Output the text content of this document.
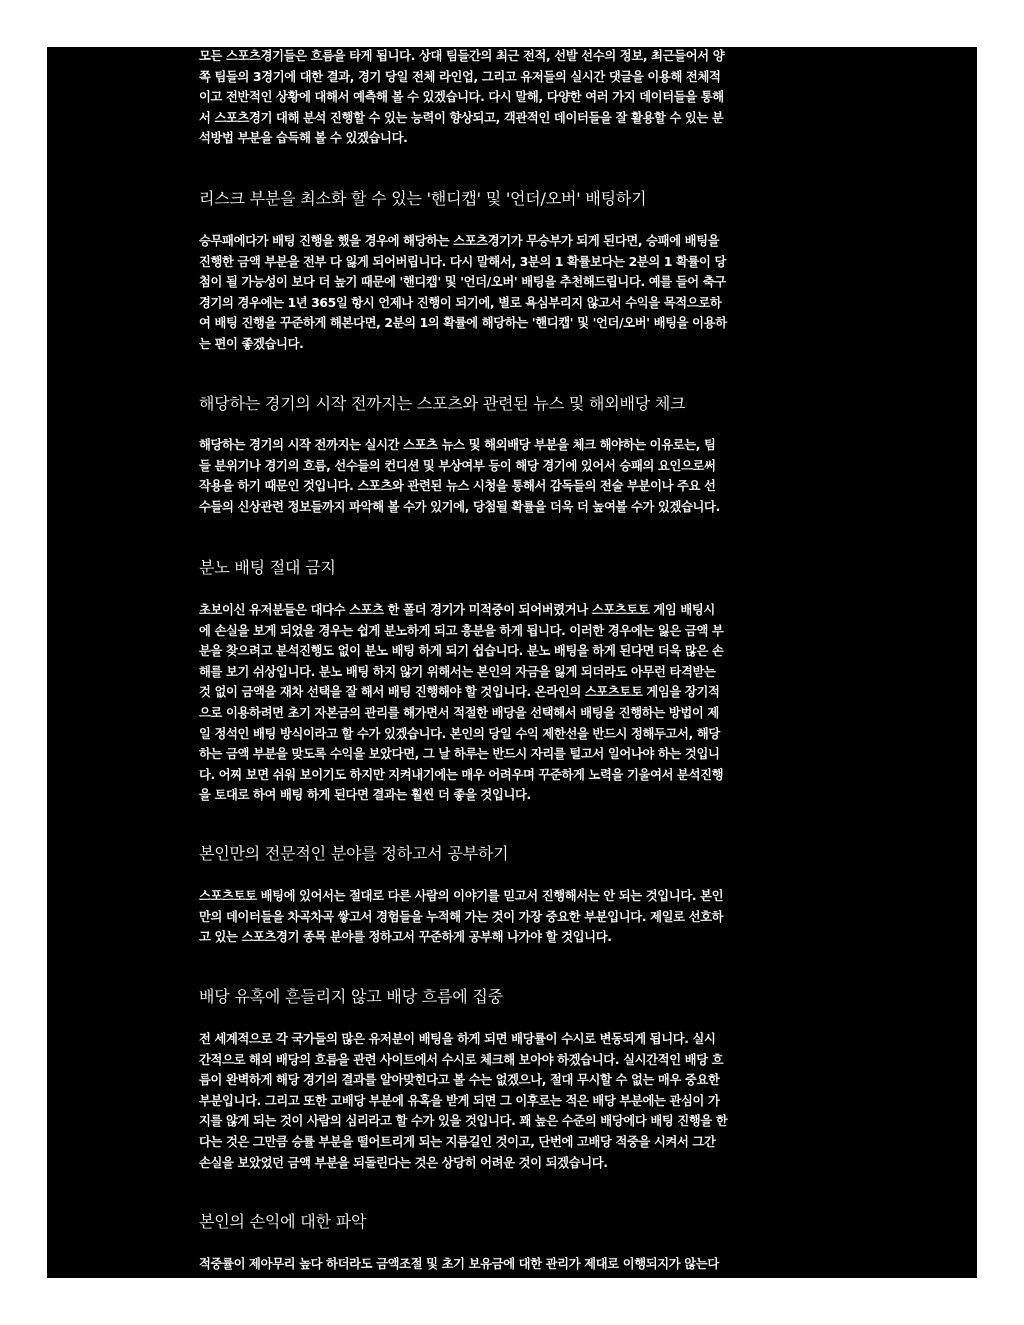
모든 스포츠경기들은 흐름을 타게 됩니다. 상대 팀들간의 최근 전적, 선발 선수의 정보, 최근들어서 양
쪽 팀들의 3경기에 대한 결과, 경기 당일 전체 라인업, 그리고 유저들의 실시간 댓글을 이용해 전체적
이고 전반적인 상황에 대해서 예측해 볼 수 있겠습니다. 다시 말해, 다양한 여러 가지 데이터들을 통해
서 스포츠경기 대해 분석 진행할 수 있는 능력이 향상되고, 객관적인 데이터들을 잘 활용할 수 있는 분
석방법 부분을 습득해 볼 수 있겠습니다.
리스크 부분을 최소화 할 수 있는 '핸디캡' 및 '언더/오버' 배팅하기
승무패에다가 배팅 진행을 했을 경우에 해당하는 스포츠경기가 무승부가 되게 된다면, 승패에 배팅을
진행한 금액 부분을 전부 다 잃게 되어버립니다. 다시 말해서, 3분의 1 확률보다는 2분의 1 확률이 당
첨이 될 가능성이 보다 더 높기 때문에 '핸디캡' 및 '언더/오버' 배팅을 추천해드립니다. 예를 들어 축구
경기의 경우에는 1년 365일 항시 언제나 진행이 되기에, 별로 욕심부리지 않고서 수익을 목적으로하
여 배팅 진행을 꾸준하게 해본다면, 2분의 1의 확률에 해당하는 '핸디캡' 및 '언더/오버' 배팅을 이용하
는 편이 좋겠습니다.
해당하는 경기의 시작 전까지는 스포츠와 관련된 뉴스 및 해외배당 체크
해당하는 경기의 시작 전까지는 실시간 스포츠 뉴스 및 해외배당 부분을 체크 해야하는 이유로는, 팀
들 분위기나 경기의 흐름, 선수들의 컨디션 및 부상여부 등이 해당 경기에 있어서 승패의 요인으로써
작용을 하기 때문인 것입니다. 스포츠와 관련된 뉴스 시청을 통해서 감독들의 전술 부분이나 주요 선
수들의 신상관련 정보들까지 파악해 볼 수가 있기에, 당첨될 확률을 더욱 더 높여볼 수가 있겠습니다.
분노 배팅 절대 금지
초보이신 유저분들은 대다수 스포츠 한 폴더 경기가 미적중이 되어버렸거나 스포츠토토 게임 배팅시
에 손실을 보게 되었을 경우는 쉽게 분노하게 되고 흥분을 하게 됩니다. 이러한 경우에는 잃은 금액 부
분을 찾으려고 분석진행도 없이 분노 배팅 하게 되기 쉽습니다. 분노 배팅을 하게 된다면 더욱 많은 손
해를 보기 쉬상입니다. 분노 배팅 하지 않기 위해서는 본인의 자금을 잃게 되더라도 아무런 타격받는
것 없이 금액을 재차 선택을 잘 해서 배팅 진행해야 할 것입니다. 온라인의 스포츠토토 게임을 장기적
으로 이용하려면 초기 자본금의 관리를 해가면서 적절한 배당을 선택해서 배팅을 진행하는 방법이 제
일 정석인 배팅 방식이라고 할 수가 있겠습니다. 본인의 당일 수익 제한선을 반드시 정해두고서, 해당
하는 금액 부분을 맞도록 수익을 보았다면, 그 날 하루는 반드시 자리를 털고서 일어나야 하는 것입니
다. 어찌 보면 쉬워 보이기도 하지만 지켜내기에는 매우 어려우며 꾸준하게 노력을 기울여서 분석진행
을 토대로 하여 배팅 하게 된다면 결과는 훨씬 더 좋을 것입니다.
본인만의 전문적인 분야를 정하고서 공부하기
스포츠토토 배팅에 있어서는 절대로 다른 사람의 이야기를 믿고서 진행해서는 안 되는 것입니다. 본인
만의 데이터들을 차곡차곡 쌓고서 경험들을 누적해 가는 것이 가장 중요한 부분입니다. 제일로 선호하
고 있는 스포츠경기 종목 분야를 정하고서 꾸준하게 공부해 나가야 할 것입니다.
배당 유혹에 흔들리지 않고 배당 흐름에 집중
전 세계적으로 각 국가들의 많은 유저분이 배팅을 하게 되면 배당률이 수시로 변동되게 됩니다. 실시
간적으로 해외 배당의 흐름을 관련 사이트에서 수시로 체크해 보아야 하겠습니다. 실시간적인 배당 흐
름이 완벽하게 해당 경기의 결과를 알아맞힌다고 볼 수는 없겠으나, 절대 무시할 수 없는 매우 중요한
부분입니다. 그리고 또한 고배당 부분에 유혹을 받게 되면 그 이후로는 적은 배당 부분에는 관심이 가
지를 않게 되는 것이 사람의 심리라고 할 수가 있을 것입니다. 꽤 높은 수준의 배당에다 배팅 진행을 한
다는 것은 그만큼 승률 부분을 떨어트리게 되는 지름길인 것이고, 단번에 고배당 적중을 시켜서 그간
손실을 보았었던 금액 부분을 되돌린다는 것은 상당히 어려운 것이 되겠습니다.
본인의 손익에 대한 파악
적중률이 제아무리 높다 하더라도 금액조절 및 초기 보유금에 대한 관리가 제대로 이행되지가 않는다
